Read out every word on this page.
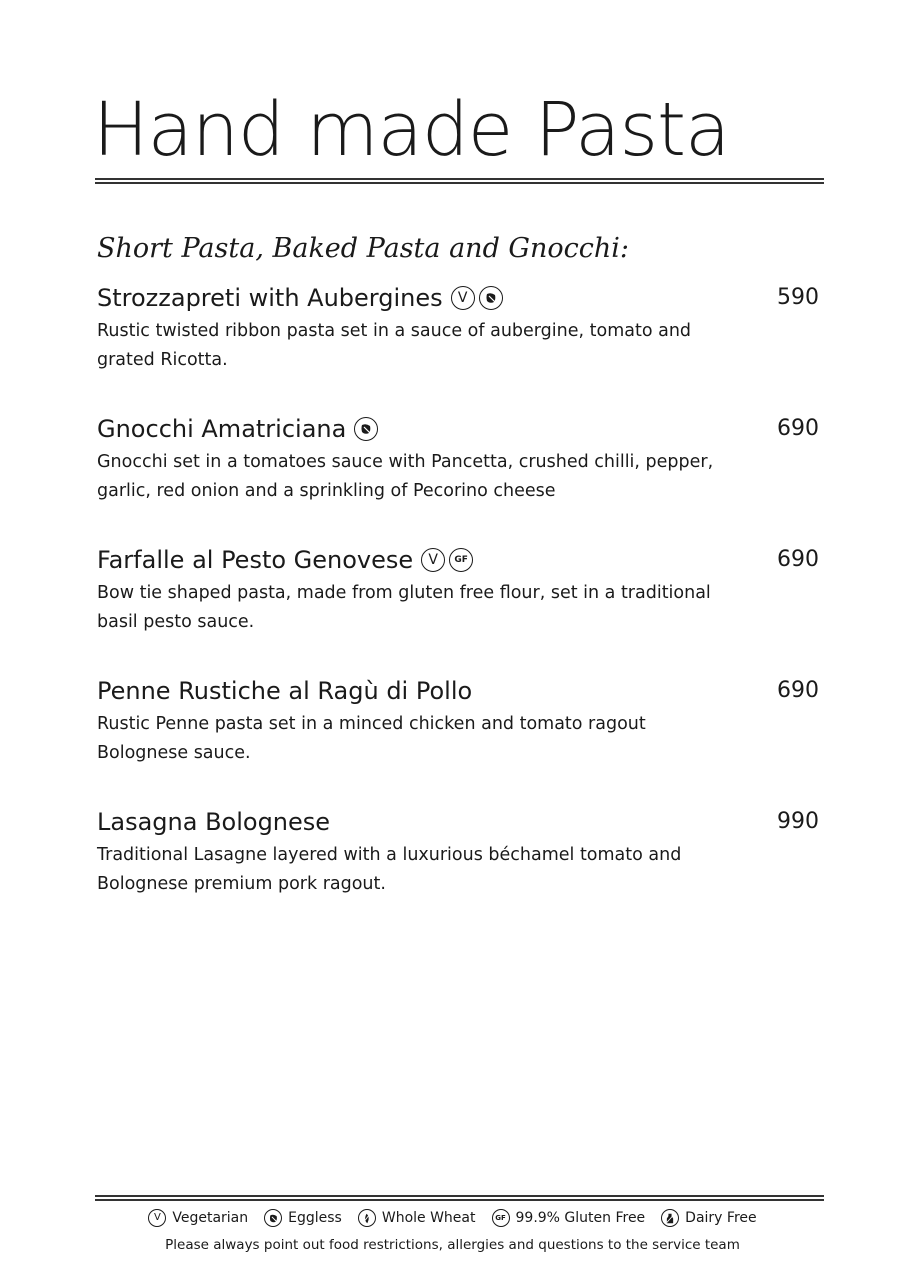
Hand made Pasta
Short Pasta, Baked Pasta and Gnocchi:
Strozzapreti with Aubergines	V	590
Rustic twisted ribbon pasta set in a sauce of aubergine, tomato and grated Ricotta.
Gnocchi Amatriciana	690
Gnocchi set in a tomatoes sauce with Pancetta, crushed chilli, pepper, garlic, red onion and a sprinkling of Pecorino cheese
Farfalle al Pesto Genovese	V	GF	690
Bow tie shaped pasta, made from gluten free flour, set in a traditional basil pesto sauce.
Penne Rustiche al Ragù di Pollo	690
Rustic Penne pasta set in a minced chicken and tomato ragout Bolognese sauce.
Lasagna Bolognese	990
Traditional Lasagne layered with a luxurious béchamel tomato and Bolognese premium pork ragout.
V Vegetarian	Eggless	Whole Wheat	GF 99.9% Gluten Free	Dairy Free
Please always point out food restrictions, allergies and questions to the service team
